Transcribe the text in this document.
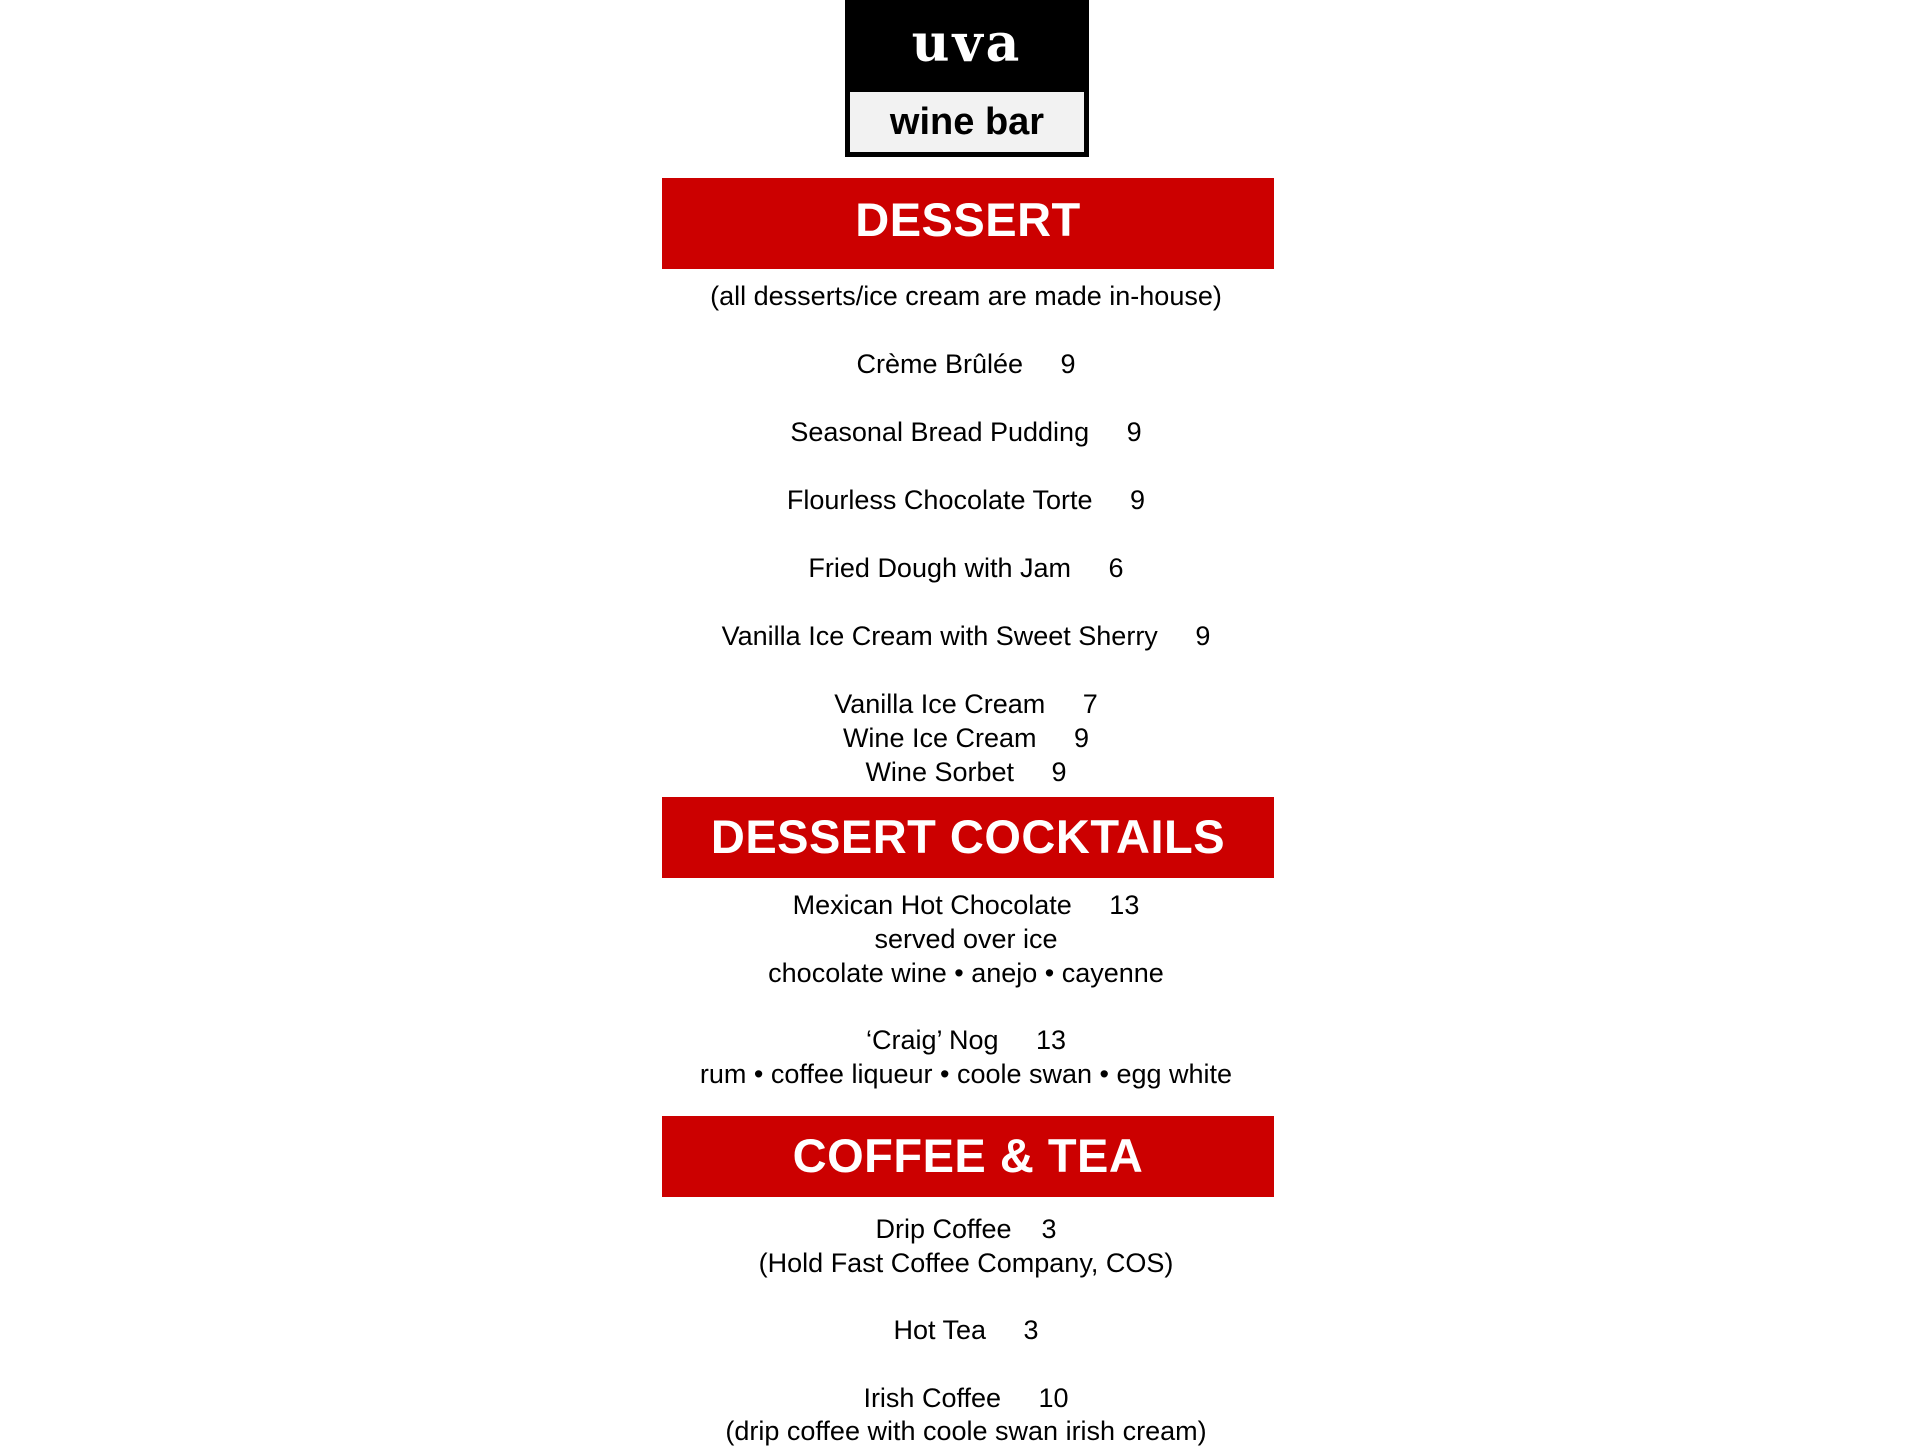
uva
wine bar
DESSERT
(all desserts/ice cream are made in-house)
Crème Brûlée     9
Seasonal Bread Pudding     9
Flourless Chocolate Torte     9
Fried Dough with Jam     6
Vanilla Ice Cream with Sweet Sherry     9
Vanilla Ice Cream     7
Wine Ice Cream     9
Wine Sorbet     9
DESSERT COCKTAILS
Mexican Hot Chocolate     13
served over ice
chocolate wine • anejo • cayenne
‘Craig’ Nog     13
rum • coffee liqueur • coole swan • egg white
COFFEE & TEA
Drip Coffee    3
(Hold Fast Coffee Company, COS)
Hot Tea     3
Irish Coffee     10
(drip coffee with coole swan irish cream)
